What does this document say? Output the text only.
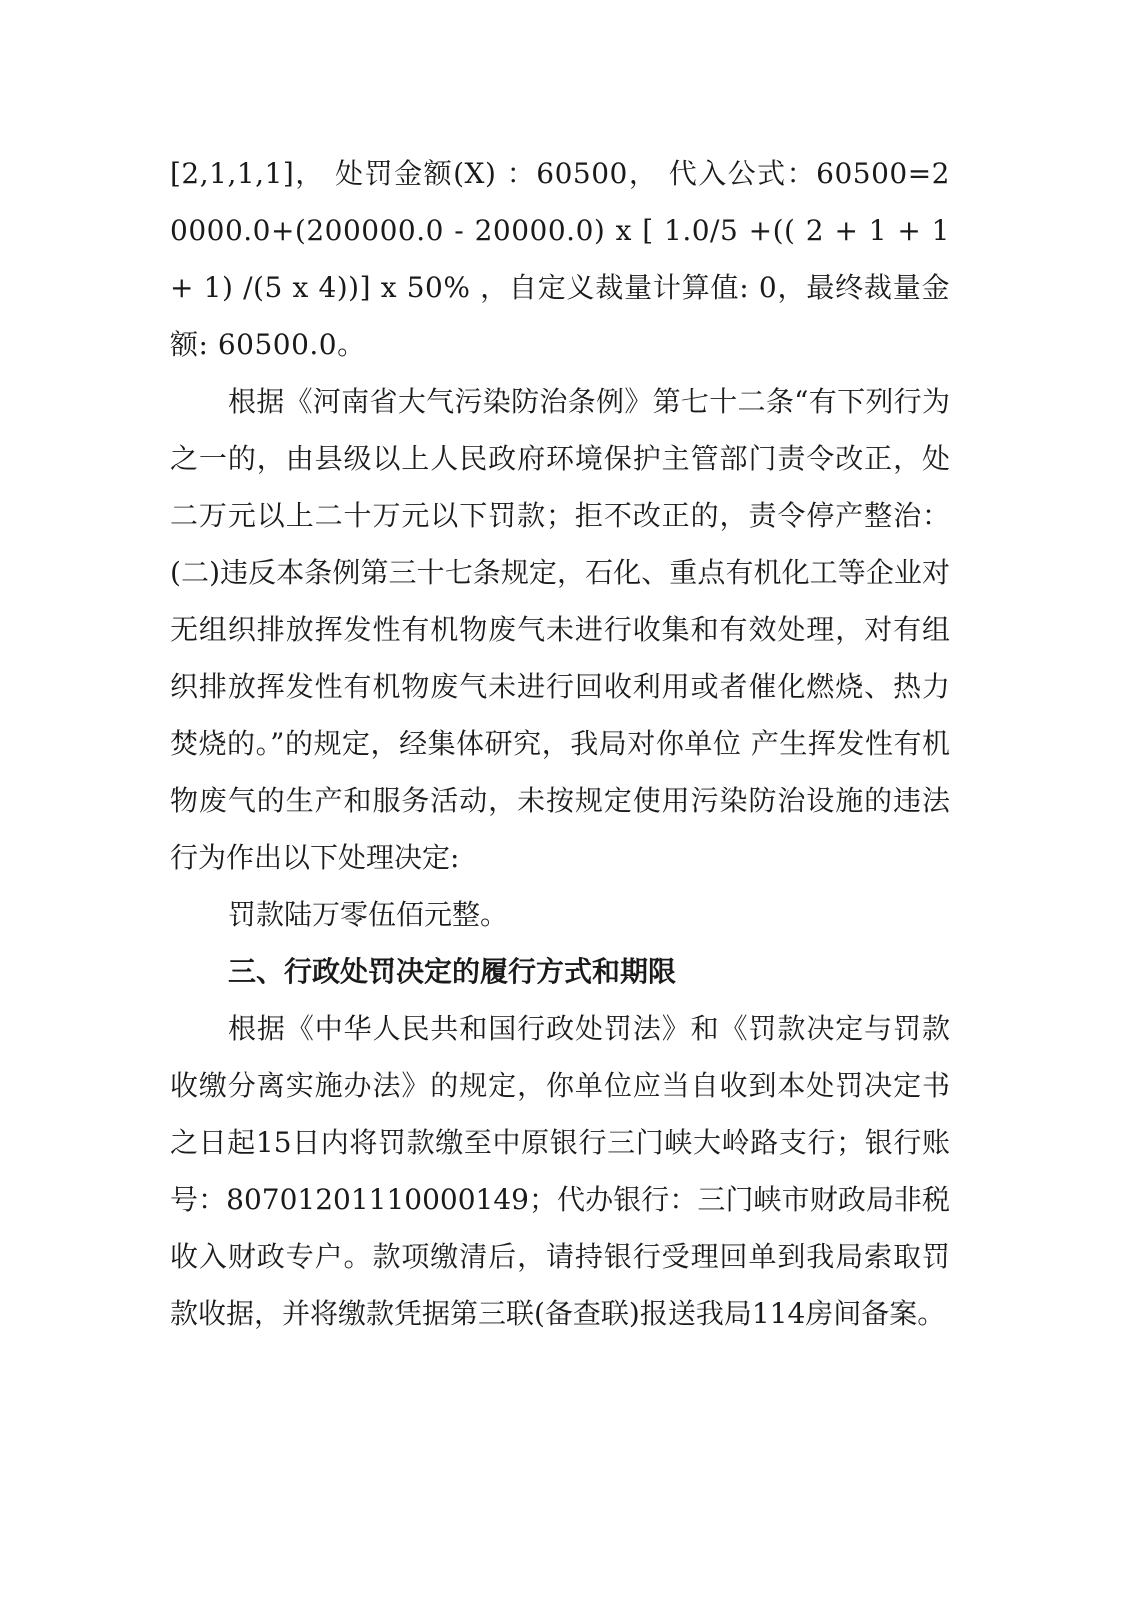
[2,1,1,1]， 处罚金额(X) ：60500， 代入公式：60500=20000.0+(200000.0 - 20000.0) x [ 1.0/5 +(( 2 + 1 + 1 + 1) /(5 x 4))] x 50% ，自定义裁量计算值: 0，最终裁量金额: 60500.0。

根据《河南省大气污染防治条例》第七十二条“有下列行为之一的，由县级以上人民政府环境保护主管部门责令改正，处二万元以上二十万元以下罚款；拒不改正的，责令停产整治：(二)违反本条例第三十七条规定，石化、重点有机化工等企业对无组织排放挥发性有机物废气未进行收集和有效处理，对有组织排放挥发性有机物废气未进行回收利用或者催化燃烧、热力焚烧的。”的规定，经集体研究，我局对你单位 产生挥发性有机物废气的生产和服务活动，未按规定使用污染防治设施的违法行为作出以下处理决定:

罚款陆万零伍佰元整。

三、行政处罚决定的履行方式和期限

根据《中华人民共和国行政处罚法》和《罚款决定与罚款收缴分离实施办法》的规定，你单位应当自收到本处罚决定书之日起15日内将罚款缴至中原银行三门峡大岭路支行；银行账号：80701201110000149；代办银行：三门峡市财政局非税收入财政专户。款项缴清后，请持银行受理回单到我局索取罚款收据，并将缴款凭据第三联(备查联)报送我局114房间备案。
